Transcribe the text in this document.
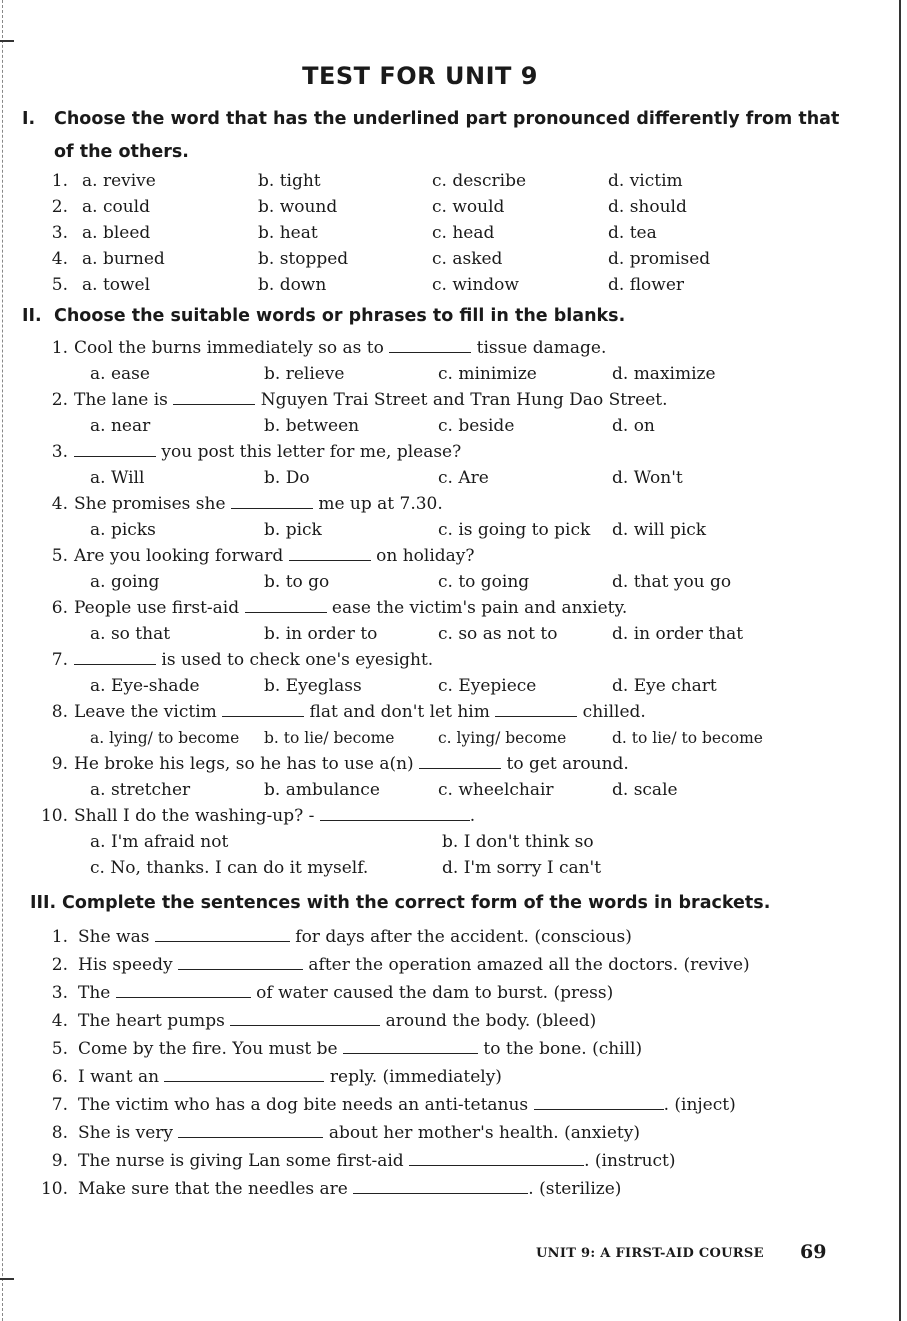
TEST FOR UNIT 9
I. Choose the word that has the underlined part pronounced differently from that
of the others.
1. a. revive	b. tight	c. describe	d. victim
2. a. could	b. wound	c. would	d. should
3. a. bleed	b. heat	c. head	d. tea
4. a. burned	b. stopped	c. asked	d. promised
5. a. towel	b. down	c. window	d. flower
II. Choose the suitable words or phrases to fill in the blanks.
1. Cool the burns immediately so as to	tissue damage.
a. ease	b. relieve	c. minimize	d. maximize
2. The lane is	Nguyen Trai Street and Tran Hung Dao Street.
a. near	b. between	c. beside	d. on
3.	you post this letter for me, please?
a. Will	b. Do	c. Are	d. Won't
4. She promises she	me up at 7.30.
a. picks	b. pick	c. is going to pick d. will pick
5. Are you looking forward	on holiday?
a. going	b. to go	c. to going	d. that you go
6. People use first-aid	ease the victim's pain and anxiety.
a. so that	b. in order to	c. so as not to	d. in order that
7.	is used to check one's eyesight.
a. Eye-shade	b. Eyeglass	c. Eyepiece	d. Eye chart
8. Leave the victim	flat and don't let him	chilled.
a. lying/ to become b. to lie/ become	c. lying/ become	d. to lie/ to become
9. He broke his legs, so he has to use a(n)	to get around.
a. stretcher	b. ambulance	c. wheelchair	d. scale
10. Shall I do the washing-up? -	.
a. I'm afraid not	b. I don't think so
c. No, thanks. I can do it myself.	d. I'm sorry I can't
III. Complete the sentences with the correct form of the words in brackets.
1. She was	for days after the accident. (conscious)
2. His speedy	after the operation amazed all the doctors. (revive)
3. The	of water caused the dam to burst. (press)
4. The heart pumps	around the body. (bleed)
5. Come by the fire. You must be	to the bone. (chill)
6. I want an	reply. (immediately)
7. The victim who has a dog bite needs an anti-tetanus	. (inject)
8. She is very	about her mother's health. (anxiety)
9. The nurse is giving Lan some first-aid	. (instruct)
10. Make sure that the needles are	. (sterilize)
UNIT 9: A FIRST-AID COURSE 69
